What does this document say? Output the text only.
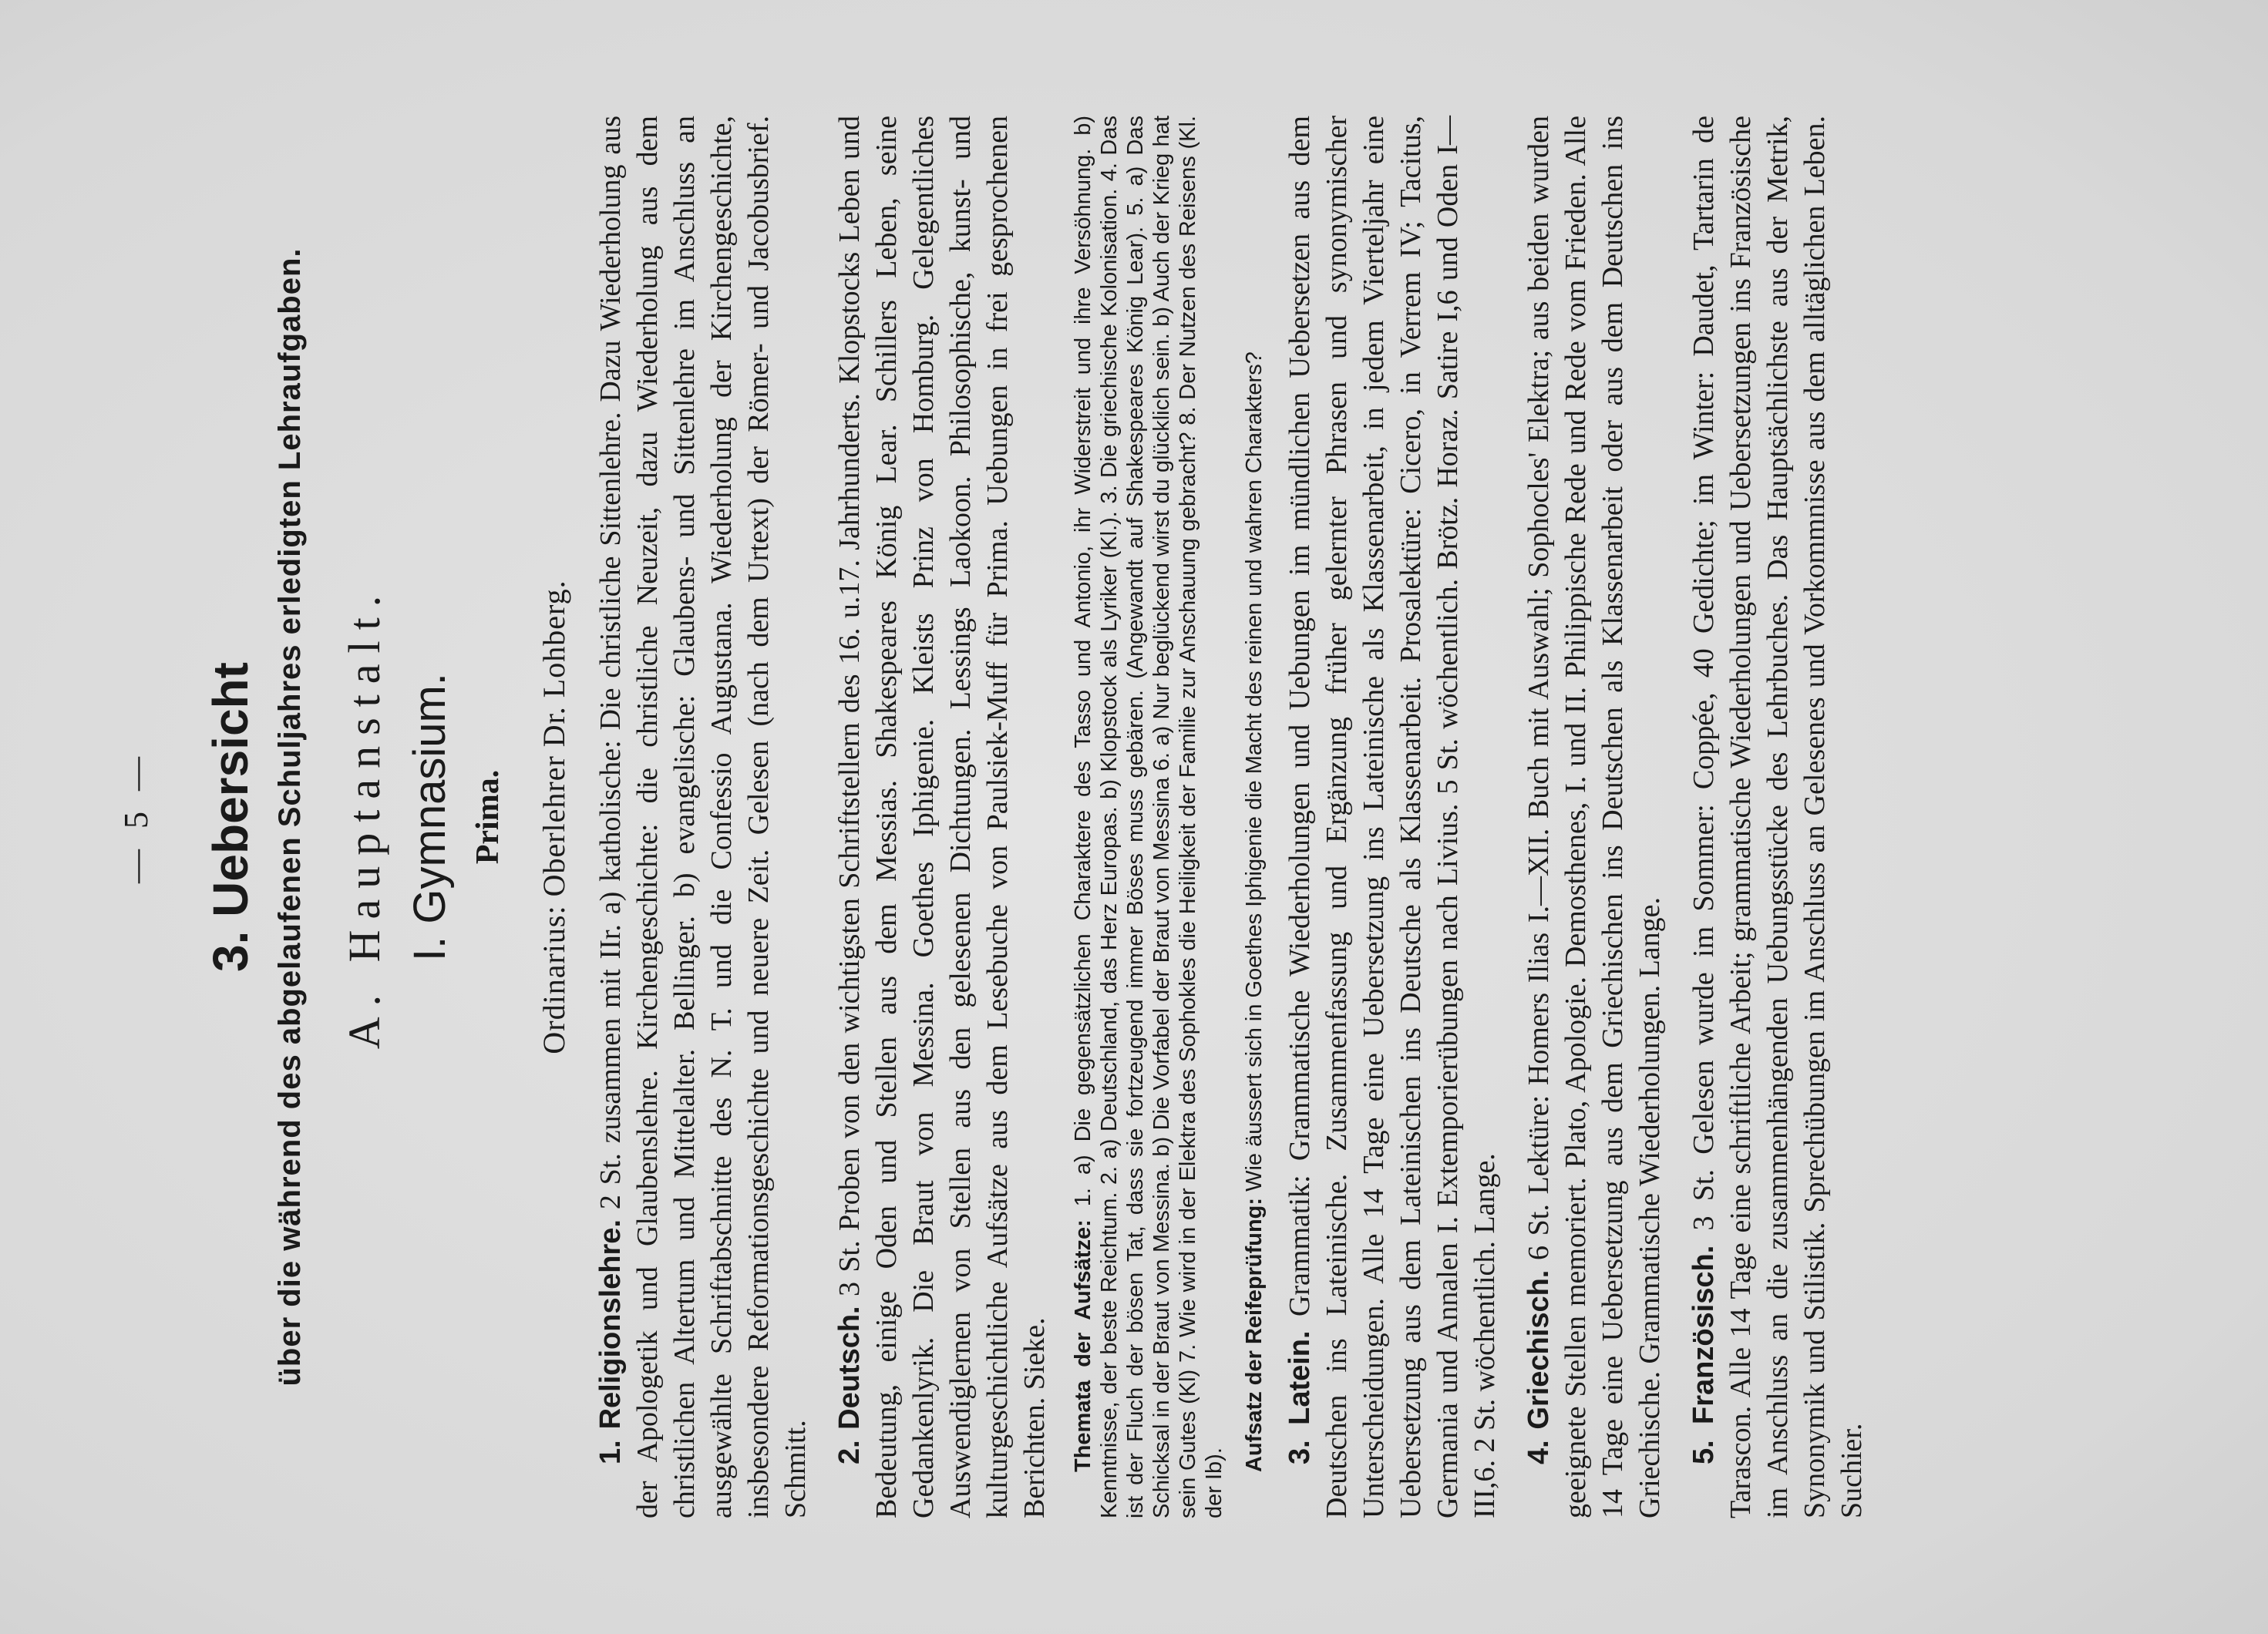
— 5 — 3. Uebersicht über die während des abgelaufenen Schuljahres erledigten Lehraufgaben. A. Hauptanstalt. I. Gymnasium. Prima. Ordinarius: Oberlehrer Dr. Lohberg.

1. Religionslehre. 2 St. zusammen mit IIr. a) katholische: Die christliche Sittenlehre. Dazu Wiederholung aus der Apologetik und Glaubenslehre. Kirchengeschichte: die christliche Neuzeit, dazu Wiederholung aus dem christlichen Altertum und Mittelalter. Bellinger. b) evangelische: Glaubens- und Sittenlehre im Anschluss an ausgewählte Schriftabschnitte des N. T. und die Confessio Augustana. Wiederholung der Kirchengeschichte, insbesondere Reformationsgeschichte und neuere Zeit. Gelesen (nach dem Urtext) der Römer- und Jacobusbrief. Schmitt.

2. Deutsch. 3 St. Proben von den wichtigsten Schriftstellern des 16. u.17. Jahrhunderts. Klopstocks Leben und Bedeutung, einige Oden und Stellen aus dem Messias. Shakespeares König Lear. Schillers Leben, seine Gedankenlyrik. Die Braut von Messina. Goethes Iphigenie. Kleists Prinz von Homburg. Gelegentliches Auswendiglernen von Stellen aus den gelesenen Dichtungen. Lessings Laokoon. Philosophische, kunst- und kulturgeschichtliche Aufsätze aus dem Lesebuche von Paulsiek-Muff für Prima. Uebungen in frei gesprochenen Berichten. Sieke. Themata der Aufsätze: 1. a) Die gegensätzlichen Charaktere des Tasso und Antonio, ihr Widerstreit und ihre Versöhnung. b) Kenntnisse, der beste Reichtum. 2. a) Deutschland, das Herz Europas. b) Klopstock als Lyriker (Kl.). 3. Die griechische Kolonisation. 4. Das ist der Fluch der bösen Tat, dass sie fortzeugend immer Böses muss gebären. (Angewandt auf Shakespeares König Lear). 5. a) Das Schicksal in der Braut von Messina. b) Die Vorfabel der Braut von Messina 6. a) Nur beglückend wirst du glücklich sein. b) Auch der Krieg hat sein Gutes (Kl) 7. Wie wird in der Elektra des Sophokles die Heiligkeit der Familie zur Anschauung gebracht? 8. Der Nutzen des Reisens (Kl. der Ib).

Aufsatz der Reifeprüfung: Wie äussert sich in Goethes Iphigenie die Macht des reinen und wahren Charakters?

3. Latein. Grammatik: Grammatische Wiederholungen und Uebungen im mündlichen Uebersetzen aus dem Deutschen ins Lateinische. Zusammenfassung und Ergänzung früher gelernter Phrasen und synonymischer Unterscheidungen. Alle 14 Tage eine Uebersetzung ins Lateinische als Klassenarbeit, in jedem Vierteljahr eine Uebersetzung aus dem Lateinischen ins Deutsche als Klassenarbeit. Prosalektüre: Cicero, in Verrem IV; Tacitus, Germania und Annalen I. Extemporierübungen nach Livius. 5 St. wöchentlich. Brötz. Horaz. Satire I,6 und Oden I—III,6. 2 St. wöchentlich. Lange. 4. Griechisch. 6 St. Lektüre: Homers Ilias I.—XII. Buch mit Auswahl; Sophocles' Elektra; aus beiden wurden geeignete Stellen memoriert. Plato, Apologie. Demosthenes, I. und II. Philippische Rede und Rede vom Frieden. Alle 14 Tage eine Uebersetzung aus dem Griechischen ins Deutschen als Klassenarbeit oder aus dem Deutschen ins Griechische. Grammatische Wiederholungen. Lange. 5. Französisch. 3 St. Gelesen wurde im Sommer: Coppée, 40 Gedichte; im Winter: Daudet, Tartarin de Tarascon. Alle 14 Tage eine schriftliche Arbeit; grammatische Wiederholungen und Uebersetzungen ins Französische im Anschluss an die zusammenhängenden Uebungsstücke des Lehrbuches. Das Hauptsächlichste aus der Metrik, Synonymik und Stilistik. Sprechübungen im Anschluss an Gelesenes und Vorkommnisse aus dem alltäglichen Leben. Suchier.
